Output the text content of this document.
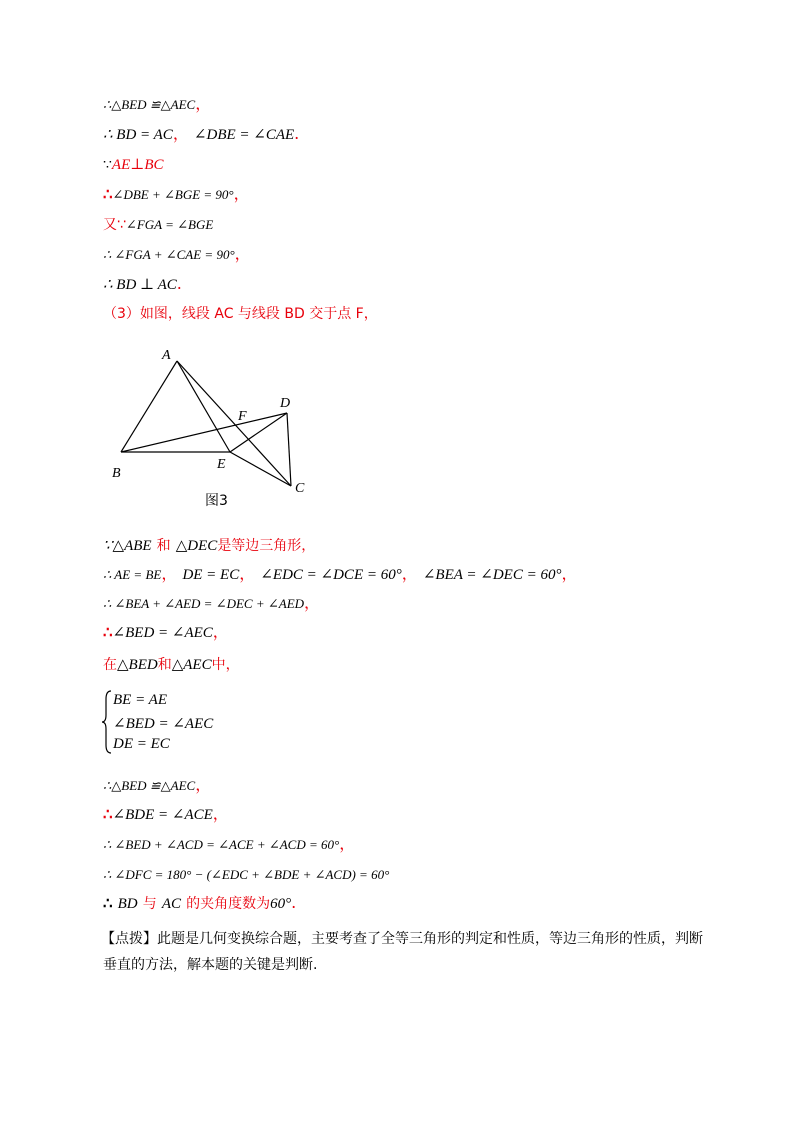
∴△BED ≌△AEC，
∴ BD = AC， ∠DBE = ∠CAE.
∵AE⊥BC
∴∠DBE + ∠BGE = 90°，
又∵∠FGA = ∠BGE
∴ ∠FGA + ∠CAE = 90°，
∴ BD ⊥ AC.
（3）如图，线段 AC 与线段 BD 交于点 F，
A
B
E
F
D
C
图3
∵△ABE 和 △DEC是等边三角形，
∴ AE = BE， DE = EC， ∠EDC = ∠DCE = 60°， ∠BEA = ∠DEC = 60°，
∴ ∠BEA + ∠AED = ∠DEC + ∠AED，
∴∠BED = ∠AEC，
在△BED和△AEC中，
BE = AE
∠BED = ∠AEC
DE = EC
∴△BED ≌△AEC，
∴∠BDE = ∠ACE，
∴ ∠BED + ∠ACD = ∠ACE + ∠ACD = 60°，
∴ ∠DFC = 180° − (∠EDC + ∠BDE + ∠ACD) = 60°
∴ BD 与 AC 的夹角度数为60°.
【点拨】此题是几何变换综合题，主要考查了全等三角形的判定和性质，等边三角形的性质，判断垂直的方法，解本题的关键是判断.
